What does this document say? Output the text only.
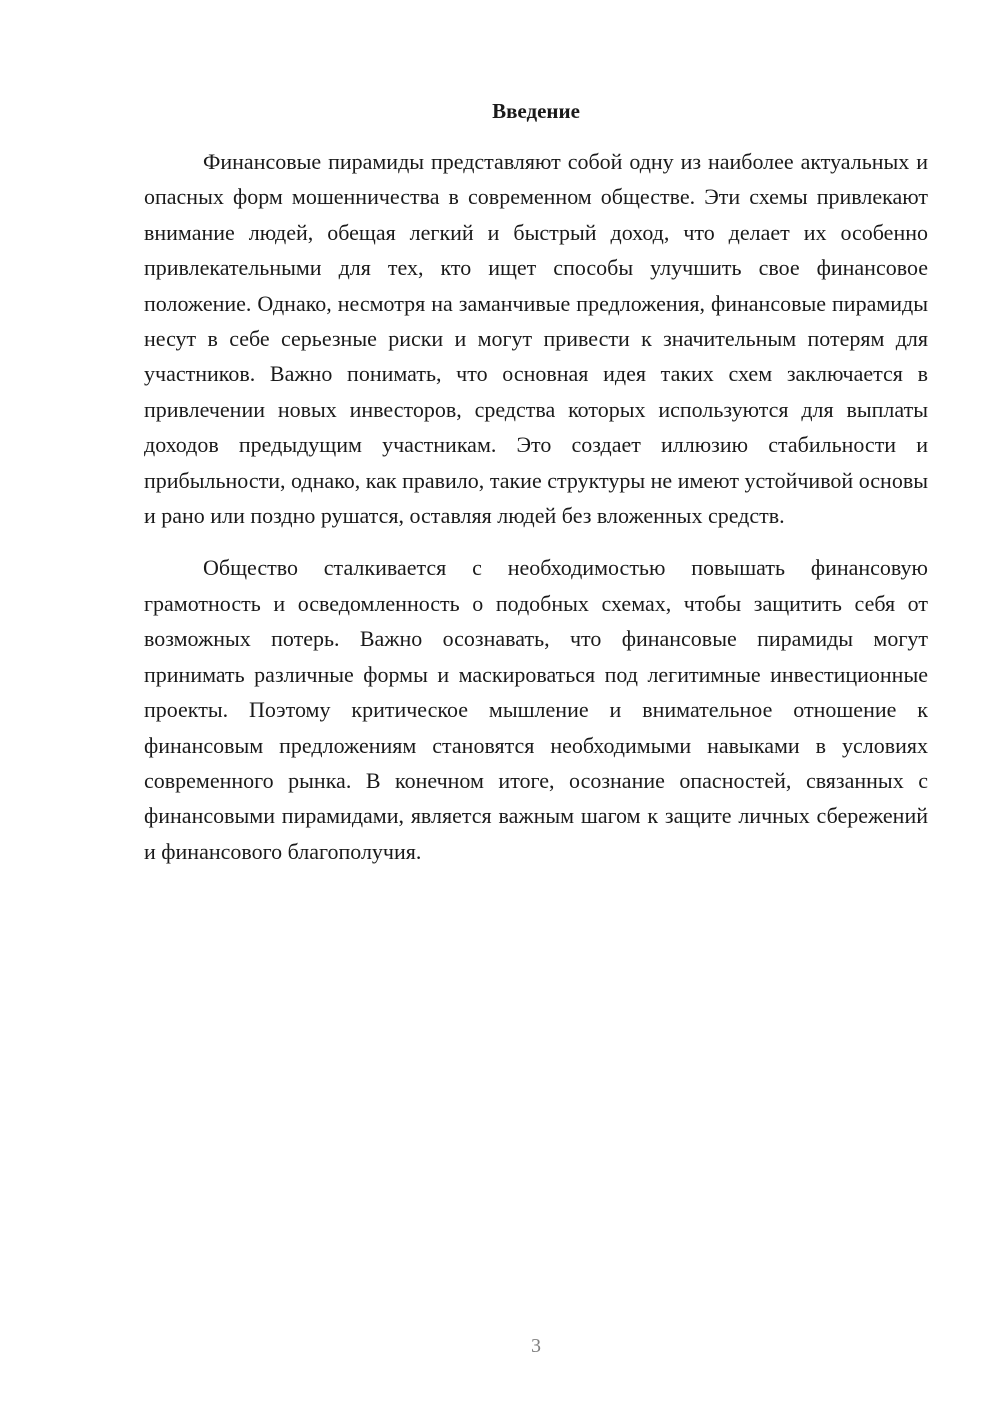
Введение

Финансовые пирамиды представляют собой одну из наиболее актуальных и опасных форм мошенничества в современном обществе. Эти схемы привлекают внимание людей, обещая легкий и быстрый доход, что делает их особенно привлекательными для тех, кто ищет способы улучшить свое финансовое положение. Однако, несмотря на заманчивые предложения, финансовые пирамиды несут в себе серьезные риски и могут привести к значительным потерям для участников. Важно понимать, что основная идея таких схем заключается в привлечении новых инвесторов, средства которых используются для выплаты доходов предыдущим участникам. Это создает иллюзию стабильности и прибыльности, однако, как правило, такие структуры не имеют устойчивой основы и рано или поздно рушатся, оставляя людей без вложенных средств.

Общество сталкивается с необходимостью повышать финансовую грамотность и осведомленность о подобных схемах, чтобы защитить себя от возможных потерь. Важно осознавать, что финансовые пирамиды могут принимать различные формы и маскироваться под легитимные инвестиционные проекты. Поэтому критическое мышление и внимательное отношение к финансовым предложениям становятся необходимыми навыками в условиях современного рынка. В конечном итоге, осознание опасностей, связанных с финансовыми пирамидами, является важным шагом к защите личных сбережений и финансового благополучия.

3
